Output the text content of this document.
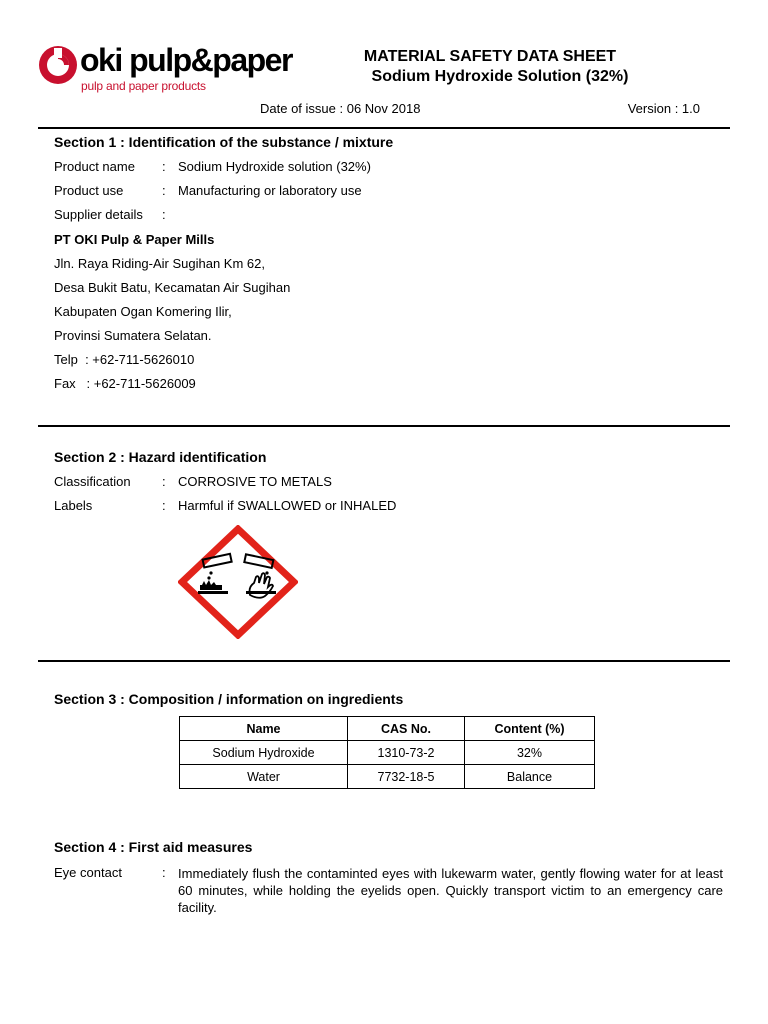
oki pulp&paper
pulp and paper products
MATERIAL SAFETY DATA SHEET
Sodium Hydroxide Solution (32%)
Date of issue : 06 Nov 2018	Version : 1.0
Section 1 : Identification of the substance / mixture
Product name : Sodium Hydroxide solution (32%)
Product use	: Manufacturing or laboratory use
Supplier details :
PT OKI Pulp & Paper Mills
Jln. Raya Riding-Air Sugihan Km 62,
Desa Bukit Batu, Kecamatan Air Sugihan
Kabupaten Ogan Komering Ilir,
Provinsi Sumatera Selatan.
Telp  : +62-711-5626010
Fax   : +62-711-5626009
Section 2 : Hazard identification
Classification : CORROSIVE TO METALS
Labels	: Harmful if SWALLOWED or INHALED
Section 3 : Composition / information on ingredients
Name	CAS No.	Content (%)
Sodium Hydroxide	1310-73-2	32%
Water	7732-18-5	Balance
Section 4 : First aid measures
Eye contact	: Immediately flush the contaminted eyes with lukewarm water, gently flowing water for at least 60 minutes, while holding the eyelids open. Quickly transport victim to an emergency care facility.
